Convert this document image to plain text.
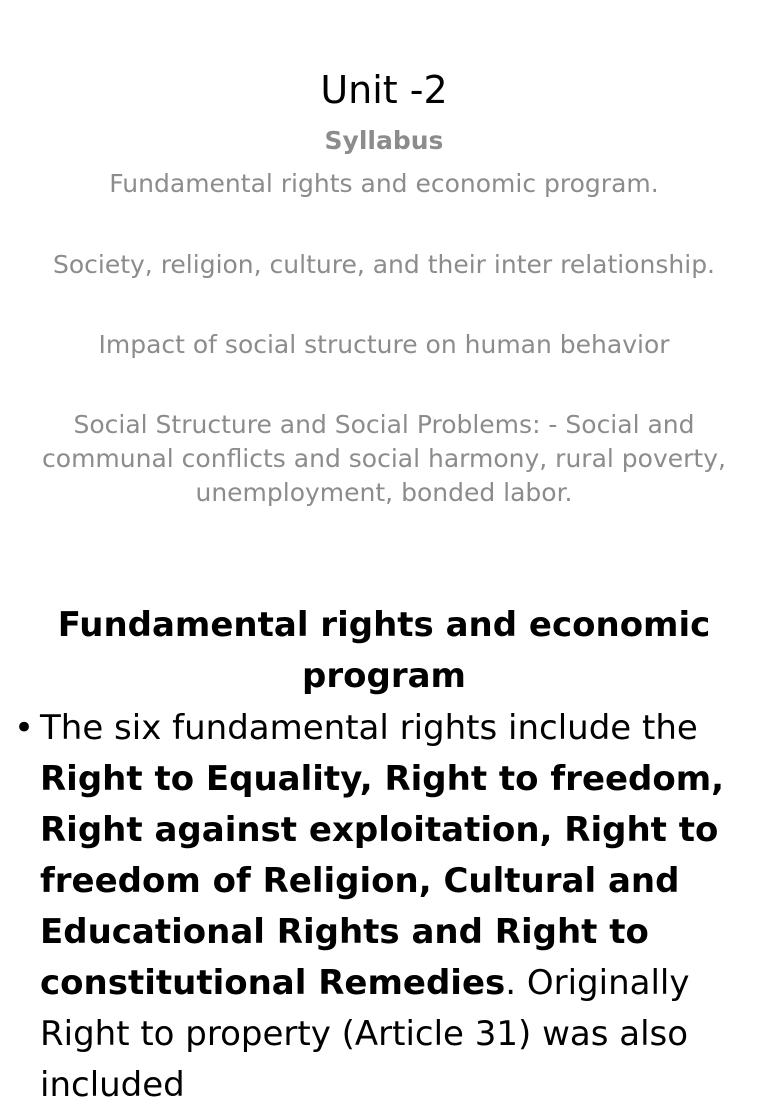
Unit -2
Syllabus
Fundamental rights and economic program.
Society, religion, culture, and their inter relationship.
Impact of social structure on human behavior
Social Structure and Social Problems: - Social and communal conflicts and social harmony, rural poverty, unemployment, bonded labor.
Fundamental rights and economic program
• The six fundamental rights include the Right to Equality, Right to freedom, Right against exploitation, Right to freedom of Religion, Cultural and Educational Rights and Right to constitutional Remedies. Originally Right to property (Article 31) was also included
